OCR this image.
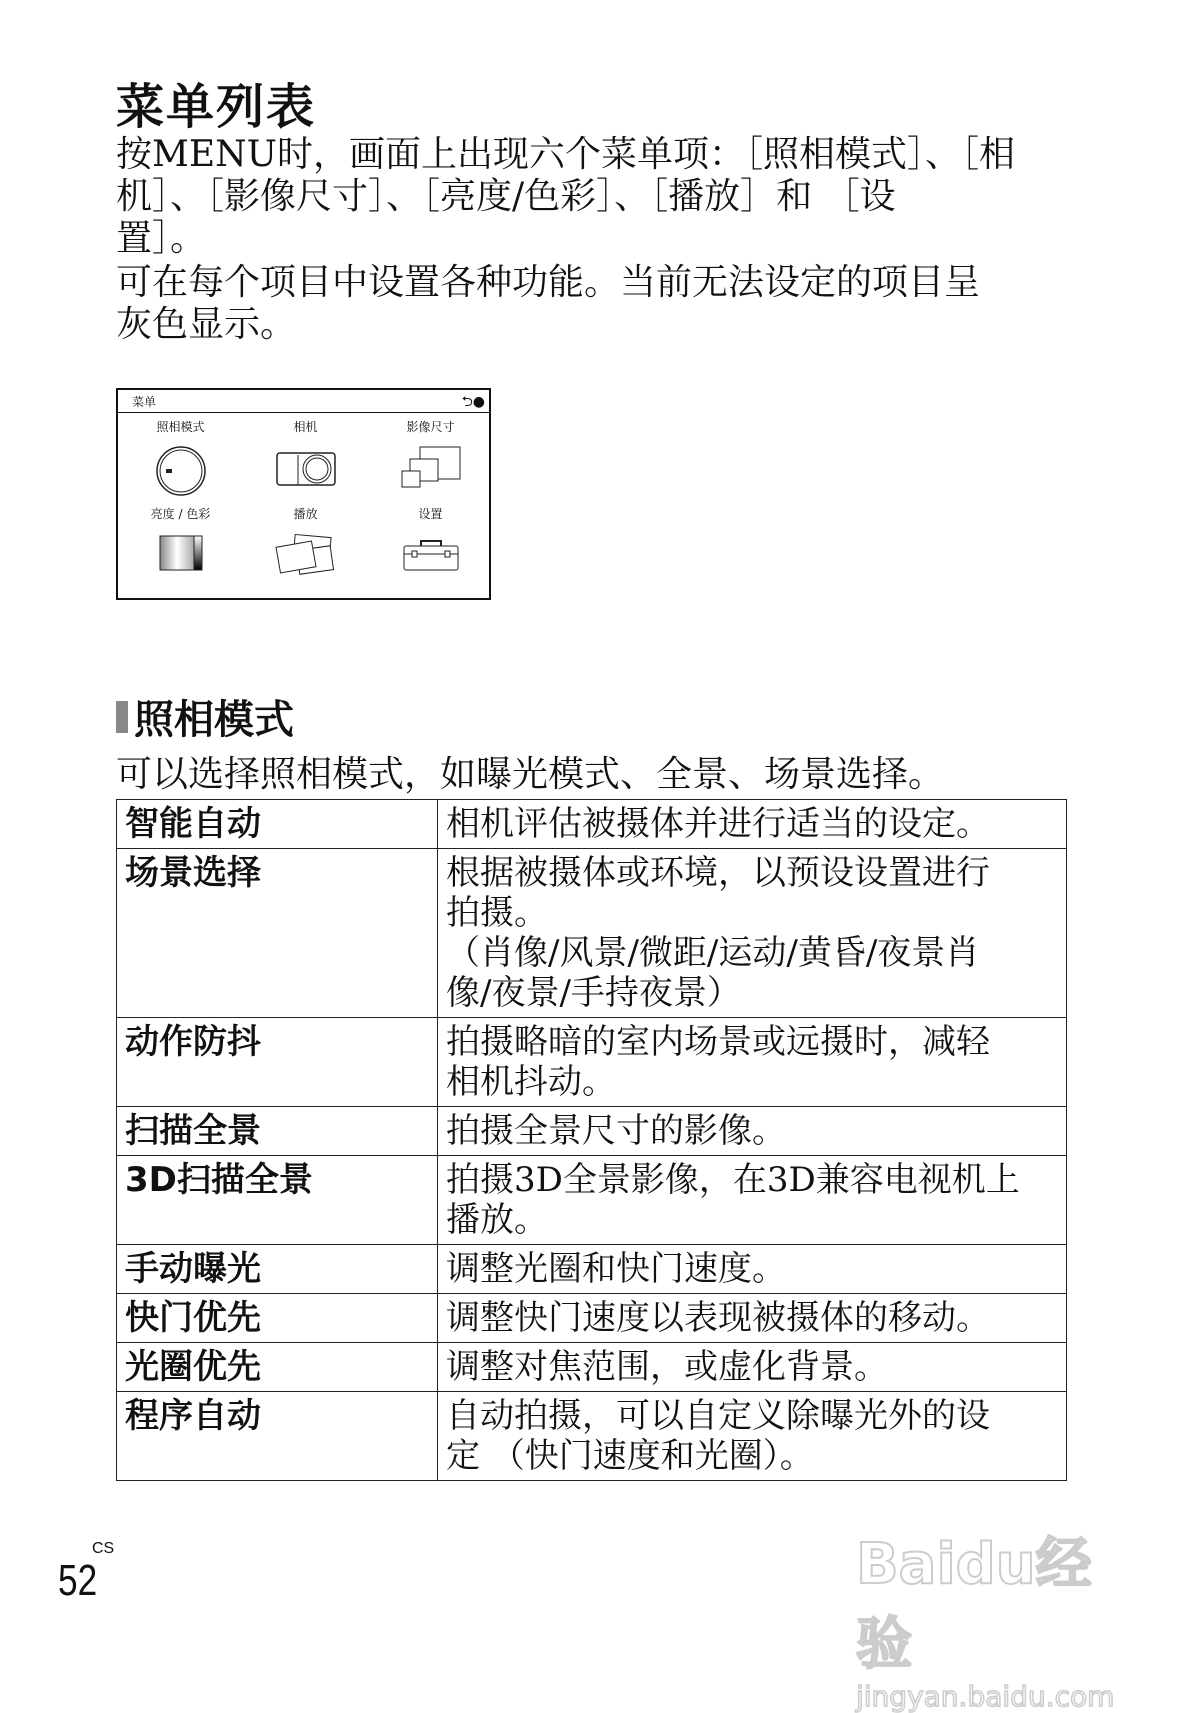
菜单列表
按MENU时，画面上出现六个菜单项：［照相模式］、［相
机］、［影像尺寸］、［亮度/色彩］、［播放］和 ［设
置］。
可在每个项目中设置各种功能。当前无法设定的项目呈
灰色显示。
菜单	⮌●
照相模式	相机	影像尺寸
亮度 / 色彩	播放	设置
照相模式
可以选择照相模式，如曝光模式、全景、场景选择。
智能自动	相机评估被摄体并进行适当的设定。

场景选择	根据被摄体或环境，以预设设置进行
拍摄。
（肖像/风景/微距/运动/黄昏/夜景肖
像/夜景/手持夜景）

动作防抖	拍摄略暗的室内场景或远摄时，减轻
相机抖动。

扫描全景	拍摄全景尺寸的影像。

3D扫描全景	拍摄3D全景影像，在3D兼容电视机上
播放。

手动曝光	调整光圈和快门速度。

快门优先	调整快门速度以表现被摄体的移动。

光圈优先	调整对焦范围，或虚化背景。

程序自动	自动拍摄，可以自定义除曝光外的设
定 （快门速度和光圈）。
CS
52	Baidu经验
jingyan.baidu.com
